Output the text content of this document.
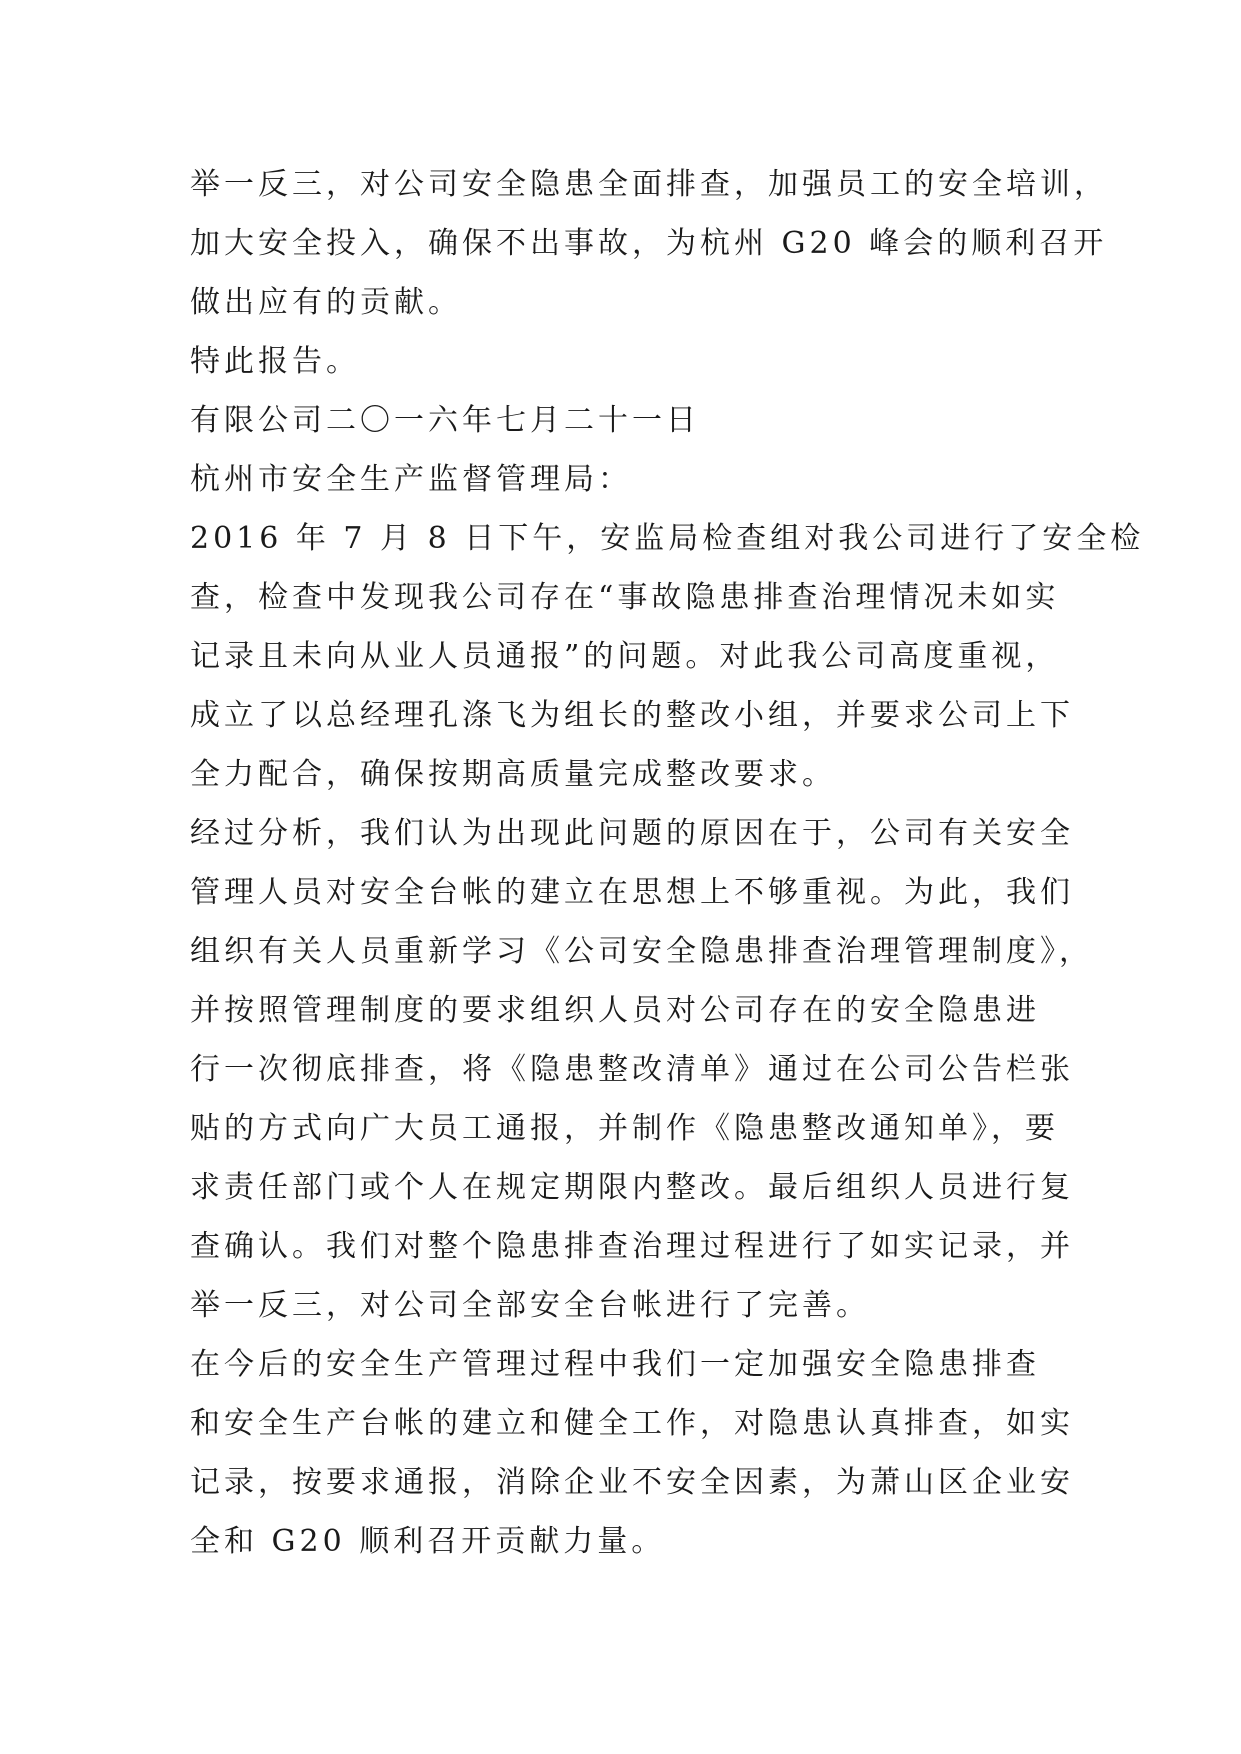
举一反三，对公司安全隐患全面排查，加强员工的安全培训，
加大安全投入，确保不出事故，为杭州 G20 峰会的顺利召开
做出应有的贡献。
特此报告。
有限公司二〇一六年七月二十一日
杭州市安全生产监督管理局：
2016 年 7 月 8 日下午，安监局检查组对我公司进行了安全检
查，检查中发现我公司存在“事故隐患排查治理情况未如实
记录且未向从业人员通报”的问题。对此我公司高度重视，
成立了以总经理孔涤飞为组长的整改小组，并要求公司上下
全力配合，确保按期高质量完成整改要求。
经过分析，我们认为出现此问题的原因在于，公司有关安全
管理人员对安全台帐的建立在思想上不够重视。为此，我们
组织有关人员重新学习《公司安全隐患排查治理管理制度》，
并按照管理制度的要求组织人员对公司存在的安全隐患进
行一次彻底排查，将《隐患整改清单》通过在公司公告栏张
贴的方式向广大员工通报，并制作《隐患整改通知单》，要
求责任部门或个人在规定期限内整改。最后组织人员进行复
查确认。我们对整个隐患排查治理过程进行了如实记录，并
举一反三，对公司全部安全台帐进行了完善。
在今后的安全生产管理过程中我们一定加强安全隐患排查
和安全生产台帐的建立和健全工作，对隐患认真排查，如实
记录，按要求通报，消除企业不安全因素，为萧山区企业安
全和 G20 顺利召开贡献力量。
